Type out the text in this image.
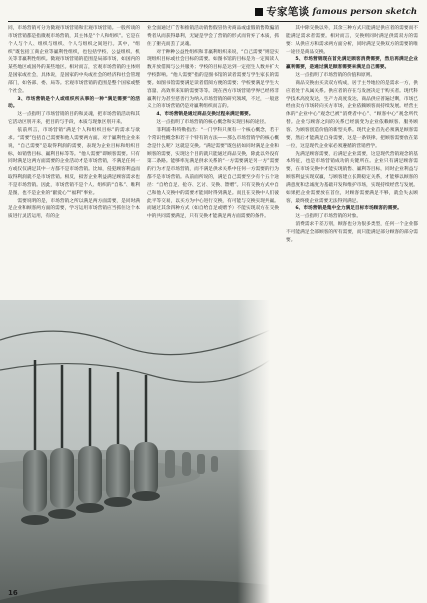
专家笔谈 famous person sketch

同，市场营销可分为微观市场营销和宏观市场营销。一般所谈的市场营销都是指微观市场营销，其主体是“个人和组织”。它是在个人与个人、组织与组织、个人与组织之间进行。其中，“组织”既包括工商企业等赢利性组织，也包括学校、公益组织、机关等非赢利性组织。微观市场营销的范围是局部市场，如国内的某些地区或国外的某些地区。相对而言，宏观市场营销的主体则是国家或社会，具体说，是国家的中央或社会的经济和社会管理部门，如各部、委、局等。宏观市场营销的范围是整个国家或整个社会。

3、市场营销是个人或组织所从事的一种“满足需要”的活动。

这一点指明了市场营销的目的和灵魂，把市场营销活动和其它活动区别开来，把目的与手段，本质与现象区别开来。

依前所言，市场营销“满足个人和组织目标”的需求与欲求。“需要”包括自己需要和他人需要两方面。对于赢利性企业来说，“自己需要”是取得利润的需要，表现为企业目标和组织目标，如销售目标、赢利目标等等。“他人需要”即顾客需要。只有同时满足这两方面需要的企业活动才是市场营销，不满足任何一方或仅仅满足其中一方都不是市场营销。比如，侵犯顾客利益而取得利润就不是市场营销。相反，损害企业利益满足顾客需求也不是市场营销。因此，市场营销不是个人、组织的“自私”、唯利是图，也不是企业的“献爱心”“福利”事业。

需要说明的是，市场营销之所以满足两方面需要，是同时满足企业和顾客两方面的需要，学习运用市场营销应当抓住这个本质进行灵活运用，有的企

业全面通过广告和推销活动销售假冒伪劣商品或虚假销售欺骗消费者从而获得暴利，无疑是学会了营销的形式而背弃了本质，抓住了躯壳而丢了灵魂。

对于种种公益性组织和非赢利组织来说，“自己需要”则是实现组织目标或社会目标的需要。如图书馆的目标是为一定阅读人数开放借阅与公共服务；学校的目标是达到一定招生人数并扩大学校影响。“他人需要”指的是图书馆的读者需要与学生家长的需要。如图书馆需要满足读者借阅方便的需要；学校要满足学生大容量、高效率来知的需要等等。现在西方市场营销学界已经将非赢利行为甚至慈善行为纳入市场营销的研究领域，不过，一般意义上的市场营销仍是对赢利组织而言的。

4、市场营销是通过商品交换过程来满足需要。

这一点指明了市场营销的核心概念和实现目标的途径。

菲利浦·科特勒指出：“一门学科只须有一个核心概念，若干个常识性概念和若干个特有的方法——那么市场营销学的核心概念是什么呢？这就是交换。“满足需要”既包括如同时满足企业和顾客的需要，实现这个目的就只能通过商品交换，除此以外没有第二条路。能够率先满足供求关系的“一方需要满足另一方”需要的行为才是市场营销，而不满足供求关系中任何一方需要的行为都不是市场营销。从前面所说的，满足自己需要至少有个五个途径：“自给自足、抢夺、乞讨、交换、馈赠”。只有交换方式中自己和他人交换中的需要才能同时得到满足。而且在交换中人们彼此平等交易，以买方为中心进行交换，有可能与交换实现共赢。而通过其余四种方式（如自给自足或赠予）不能实现双方在交换中的共同需要满足，只有交换才能满足两方面需要的条件。

其中除交换以外，其余三种方式只能满足供应者的需要而不能满足需求者需要。相对而言，交换则同时满足供需双方的需要：从供应方和需求两方面分析，同时满足交换双方的需要的唯一途径是商品交换。

5、市场营销现在首先满足顾客消费需要，然后再满足企业赢利需要，是通过满足顾客需要来满足自己需要。

这一点指明了市场营销的价值和原则。

商品交换由买卖双方构成，居于主导地位的是需求一方，供应者处于从属关系。供应者的存在与发展决定于购买者。现代科学技术高度发达，生产力高度发达，商品供应普遍过剩，市场已经由卖方市场转向买方市场，企业依赖顾客而持续发展。经营主体的“企业中心”观念已被“消费者中心”、“顾客中心”观念所代替。企业与顾客之间的关系已经演变为企业依赖顾客、服务顾客、为顾客创造价值的新型关系。现代企业首先必须满足顾客需要，然后才能满足自身需要，这是一条铁律。把顾客需要放在第一位，这是现代企业家必须遵循的营销哲学。

先满足顾客需要，后满足企业需要，这是现代营销观念的基本特征，也是市场营销成功的关键所在。企业只有满足顾客需要，在市场交换中才能实现销售、赢利等目标，同时企业利益与顾客利益实现双赢，与顾客建立长期稳定关系，才能够以顾客的满意度和忠诚度为基础开发和维护市场，实现持续经营与发展。如果把企业需要放在首位，对顾客需要满足不够，就会失去顾客，最终使企业需要无法得到满足。

6、市场营销是集中全力满足目标市场顾客的需要。

这一点指明了市场营销的对象。

消费需求千差万别，顾客也分为很多类型，任何一个企业都不可能满足全部顾客的所有需要，而只能满足部分顾客的部分需要。

16
